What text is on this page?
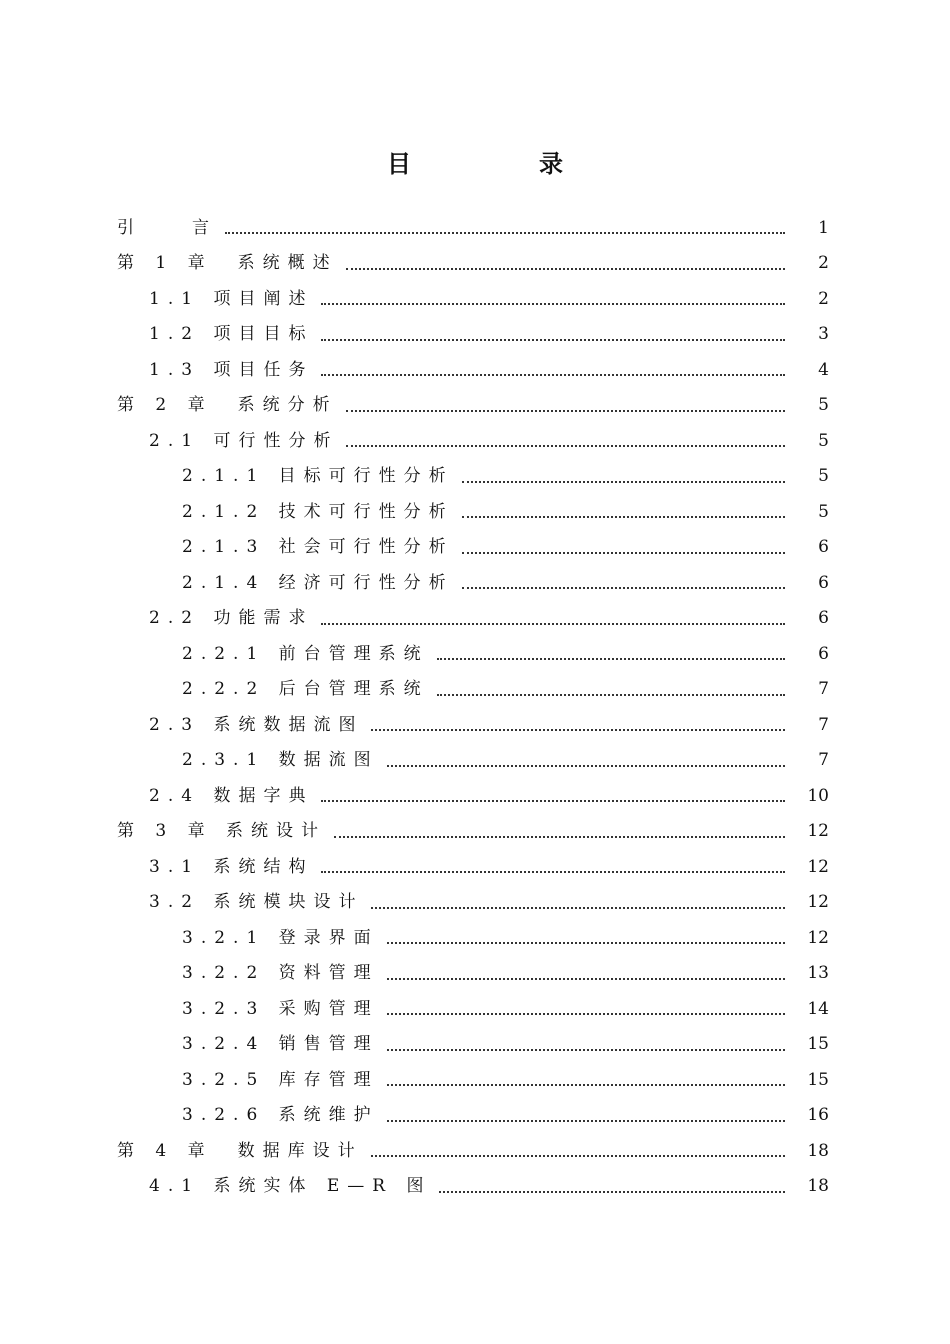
目　录
引　　言	1
第 1 章　系统概述	2
1.1 项目阐述	2
1.2 项目目标	3
1.3 项目任务	4
第 2 章　系统分析	5
2.1 可行性分析	5
2.1.1 目标可行性分析	5
2.1.2 技术可行性分析	5
2.1.3 社会可行性分析	6
2.1.4 经济可行性分析	6
2.2 功能需求	6
2.2.1 前台管理系统	6
2.2.2 后台管理系统	7
2.3 系统数据流图	7
2.3.1 数据流图	7
2.4 数据字典	10
第 3 章 系统设计	12
3.1 系统结构	12
3.2 系统模块设计	12
3.2.1 登录界面	12
3.2.2 资料管理	13
3.2.3 采购管理	14
3.2.4 销售管理	15
3.2.5 库存管理	15
3.2.6 系统维护	16
第 4 章　数据库设计	18
4.1 系统实体 E—R 图	18
